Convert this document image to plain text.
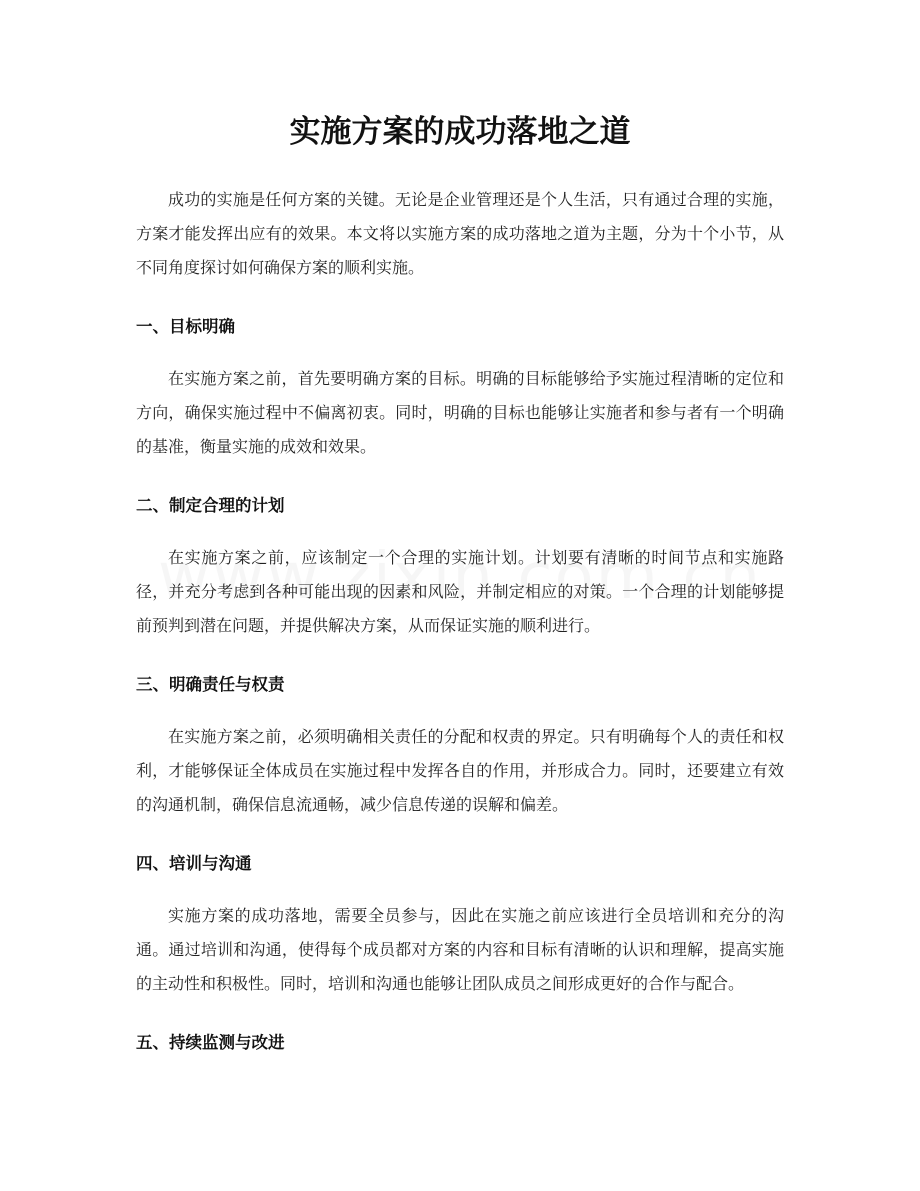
实施方案的成功落地之道

成功的实施是任何方案的关键。无论是企业管理还是个人生活，只有通过合理的实施，方案才能发挥出应有的效果。本文将以实施方案的成功落地之道为主题，分为十个小节，从不同角度探讨如何确保方案的顺利实施。

一、目标明确

在实施方案之前，首先要明确方案的目标。明确的目标能够给予实施过程清晰的定位和方向，确保实施过程中不偏离初衷。同时，明确的目标也能够让实施者和参与者有一个明确的基准，衡量实施的成效和效果。

二、制定合理的计划

在实施方案之前，应该制定一个合理的实施计划。计划要有清晰的时间节点和实施路径，并充分考虑到各种可能出现的因素和风险，并制定相应的对策。一个合理的计划能够提前预判到潜在问题，并提供解决方案，从而保证实施的顺利进行。

三、明确责任与权责

在实施方案之前，必须明确相关责任的分配和权责的界定。只有明确每个人的责任和权利，才能够保证全体成员在实施过程中发挥各自的作用，并形成合力。同时，还要建立有效的沟通机制，确保信息流通畅，减少信息传递的误解和偏差。

四、培训与沟通

实施方案的成功落地，需要全员参与，因此在实施之前应该进行全员培训和充分的沟通。通过培训和沟通，使得每个成员都对方案的内容和目标有清晰的认识和理解，提高实施的主动性和积极性。同时，培训和沟通也能够让团队成员之间形成更好的合作与配合。

五、持续监测与改进
